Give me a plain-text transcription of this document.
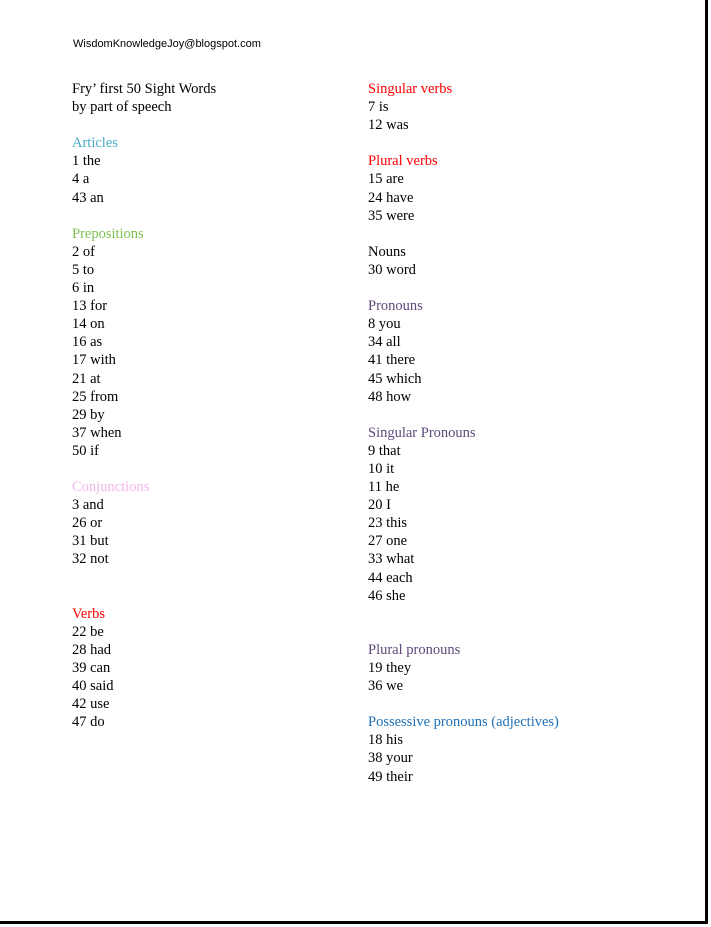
WisdomKnowledgeJoy@blogspot.com
Fry’ first 50 Sight Words
by part of speech
Articles
1 the
4 a
43 an
Prepositions
2 of
5 to
6 in
13 for
14 on
16 as
17 with
21 at
25 from
29 by
37 when
50 if
Conjunctions
3 and
26 or
31 but
32 not
Verbs
22 be
28 had
39 can
40 said
42 use
47 do
Singular verbs
7 is
12 was
Plural verbs
15 are
24 have
35 were
Nouns
30 word
Pronouns
8 you
34 all
41 there
45 which
48 how
Singular Pronouns
9 that
10 it
11 he
20 I
23 this
27 one
33 what
44 each
46 she
Plural pronouns
19 they
36 we
Possessive pronouns (adjectives)
18 his
38 your
49 their
